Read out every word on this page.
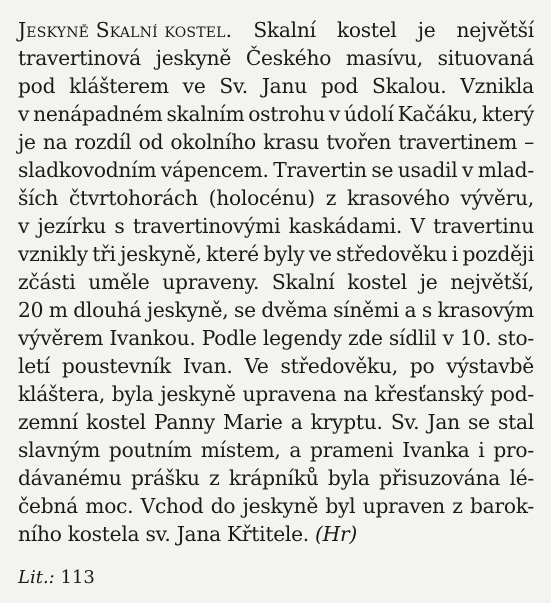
Jeskyně Skalní kostel. Skalní kostel je největší
travertinová jeskyně Českého masívu, situovaná
pod klášterem ve Sv. Janu pod Skalou. Vznikla
v nenápadném skalním ostrohu v údolí Kačáku, který
je na rozdíl od okolního krasu tvořen travertinem –
sladkovodním vápencem. Travertin se usadil v mlad-
ších čtvrtohorách (holocénu) z krasového vývěru,
v jezírku s travertinovými kaskádami. V travertinu
vznikly tři jeskyně, které byly ve středověku i později
zčásti uměle upraveny. Skalní kostel je největší,
20 m dlouhá jeskyně, se dvěma síněmi a s krasovým
vývěrem Ivankou. Podle legendy zde sídlil v 10. sto-
letí poustevník Ivan. Ve středověku, po výstavbě
kláštera, byla jeskyně upravena na křesťanský pod-
zemní kostel Panny Marie a kryptu. Sv. Jan se stal
slavným poutním místem, a prameni Ivanka i pro-
dávanému prášku z krápníků byla přisuzována lé-
čebná moc. Vchod do jeskyně byl upraven z barok-
ního kostela sv. Jana Křtitele. (Hr)
Lit.: 113
